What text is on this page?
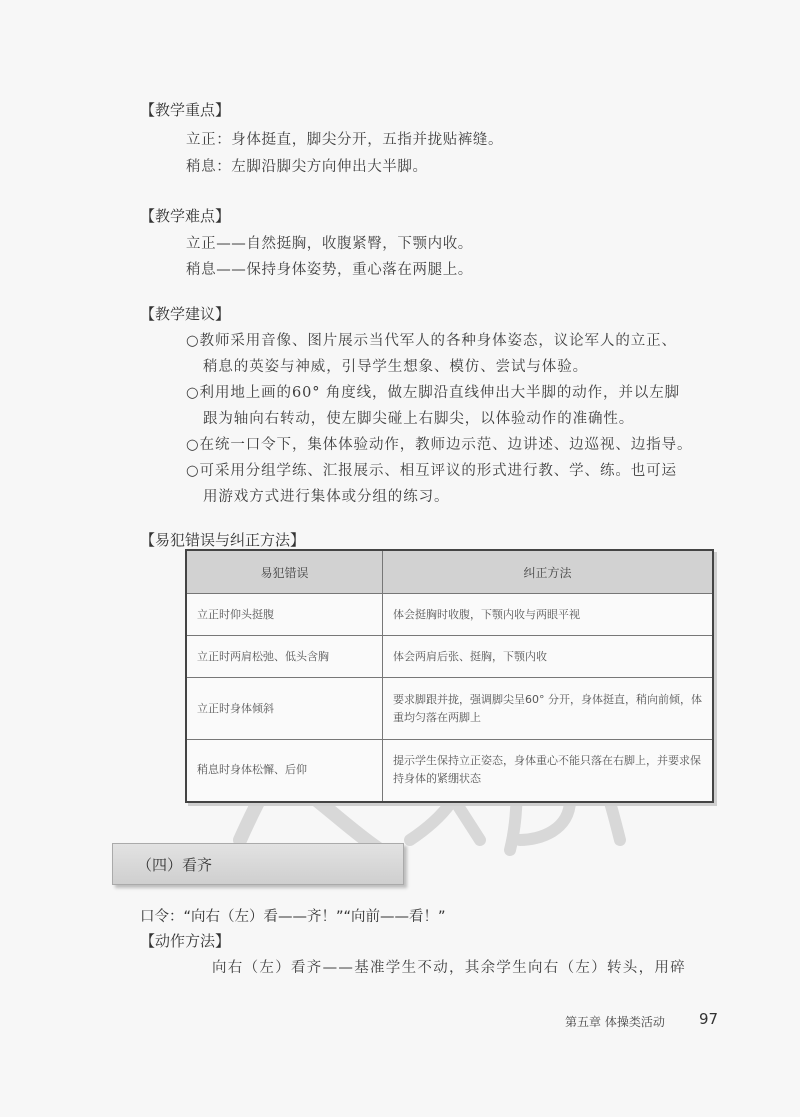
【教学重点】
立正：身体挺直，脚尖分开，五指并拢贴裤缝。
稍息：左脚沿脚尖方向伸出大半脚。
【教学难点】
立正——自然挺胸，收腹紧臀，下颚内收。
稍息——保持身体姿势，重心落在两腿上。
【教学建议】
○教师采用音像、图片展示当代军人的各种身体姿态，议论军人的立正、
稍息的英姿与神威，引导学生想象、模仿、尝试与体验。
○利用地上画的60° 角度线，做左脚沿直线伸出大半脚的动作，并以左脚
跟为轴向右转动，使左脚尖碰上右脚尖，以体验动作的准确性。
○在统一口令下，集体体验动作，教师边示范、边讲述、边巡视、边指导。
○可采用分组学练、汇报展示、相互评议的形式进行教、学、练。也可运
用游戏方式进行集体或分组的练习。
【易犯错误与纠正方法】
易犯错误	纠正方法
立正时仰头挺腹	体会挺胸时收腹，下颚内收与两眼平视
立正时两肩松弛、低头含胸	体会两肩后张、挺胸，下颚内收
立正时身体倾斜	要求脚跟并拢，强调脚尖呈60° 分开，身体挺直，稍向前倾，体重均匀落在两脚上
稍息时身体松懈、后仰	提示学生保持立正姿态，身体重心不能只落在右脚上，并要求保持身体的紧绷状态
（四）看齐
口令：“向右（左）看——齐！”“向前——看！”
【动作方法】
向右（左）看齐——基准学生不动，其余学生向右（左）转头，用碎
第五章 体操类活动 97
